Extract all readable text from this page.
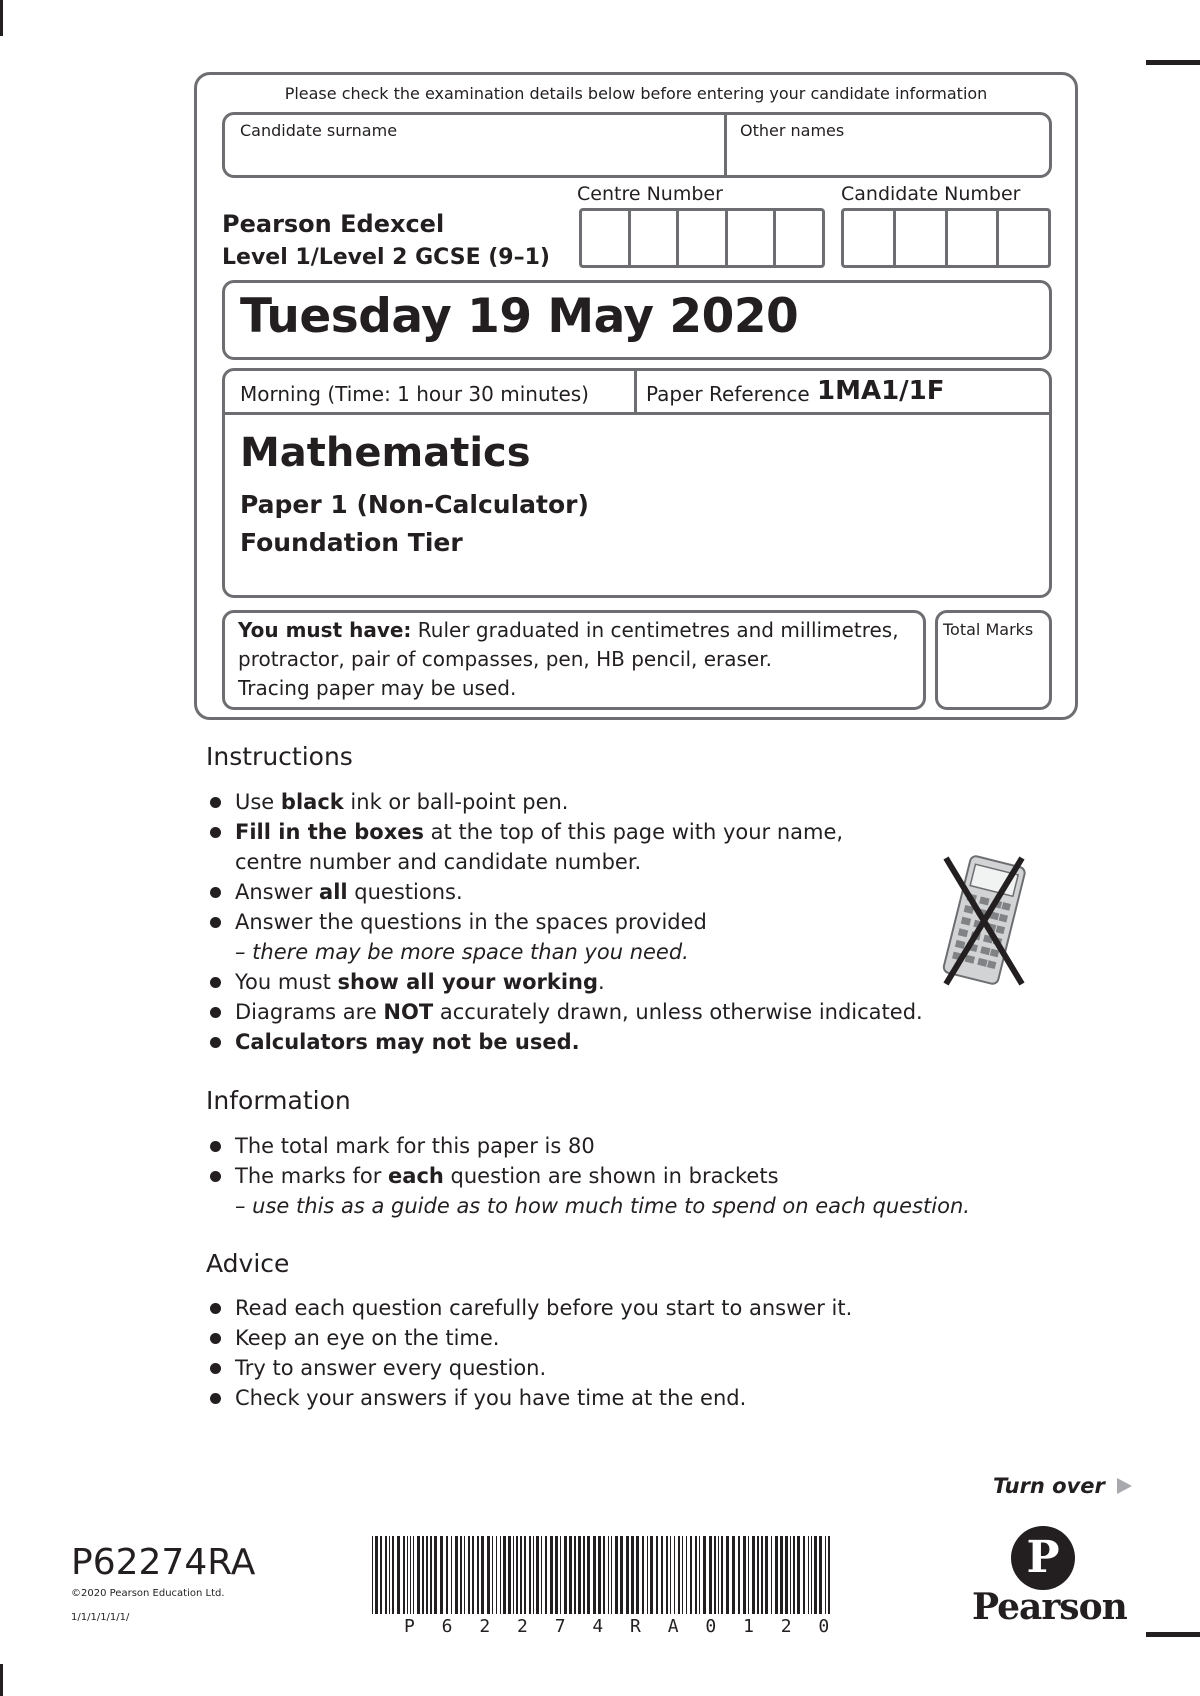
Please check the examination details below before entering your candidate information
Candidate surname	Other names
Centre Number	Candidate Number
Pearson Edexcel
Level 1/Level 2 GCSE (9–1)
Tuesday 19 May 2020
Morning (Time: 1 hour 30 minutes)	Paper Reference 1MA1/1F
Mathematics
Paper 1 (Non-Calculator)
Foundation Tier
You must have: Ruler graduated in centimetres and millimetres,
protractor, pair of compasses, pen, HB pencil, eraser.
Tracing paper may be used.
Total Marks
Instructions
Use black ink or ball-point pen.
Fill in the boxes at the top of this page with your name,
centre number and candidate number.
Answer all questions.
Answer the questions in the spaces provided
– there may be more space than you need.
You must show all your working.
Diagrams are NOT accurately drawn, unless otherwise indicated.
Calculators may not be used.
Information
The total mark for this paper is 80
The marks for each question are shown in brackets
– use this as a guide as to how much time to spend on each question.
Advice
Read each question carefully before you start to answer it.
Keep an eye on the time.
Try to answer every question.
Check your answers if you have time at the end.
Turn over
P62274RA
©2020 Pearson Education Ltd.
1/1/1/1/1/1/	P 6 2 2 7 4 R A 0 1 2 0
P
Pearson
